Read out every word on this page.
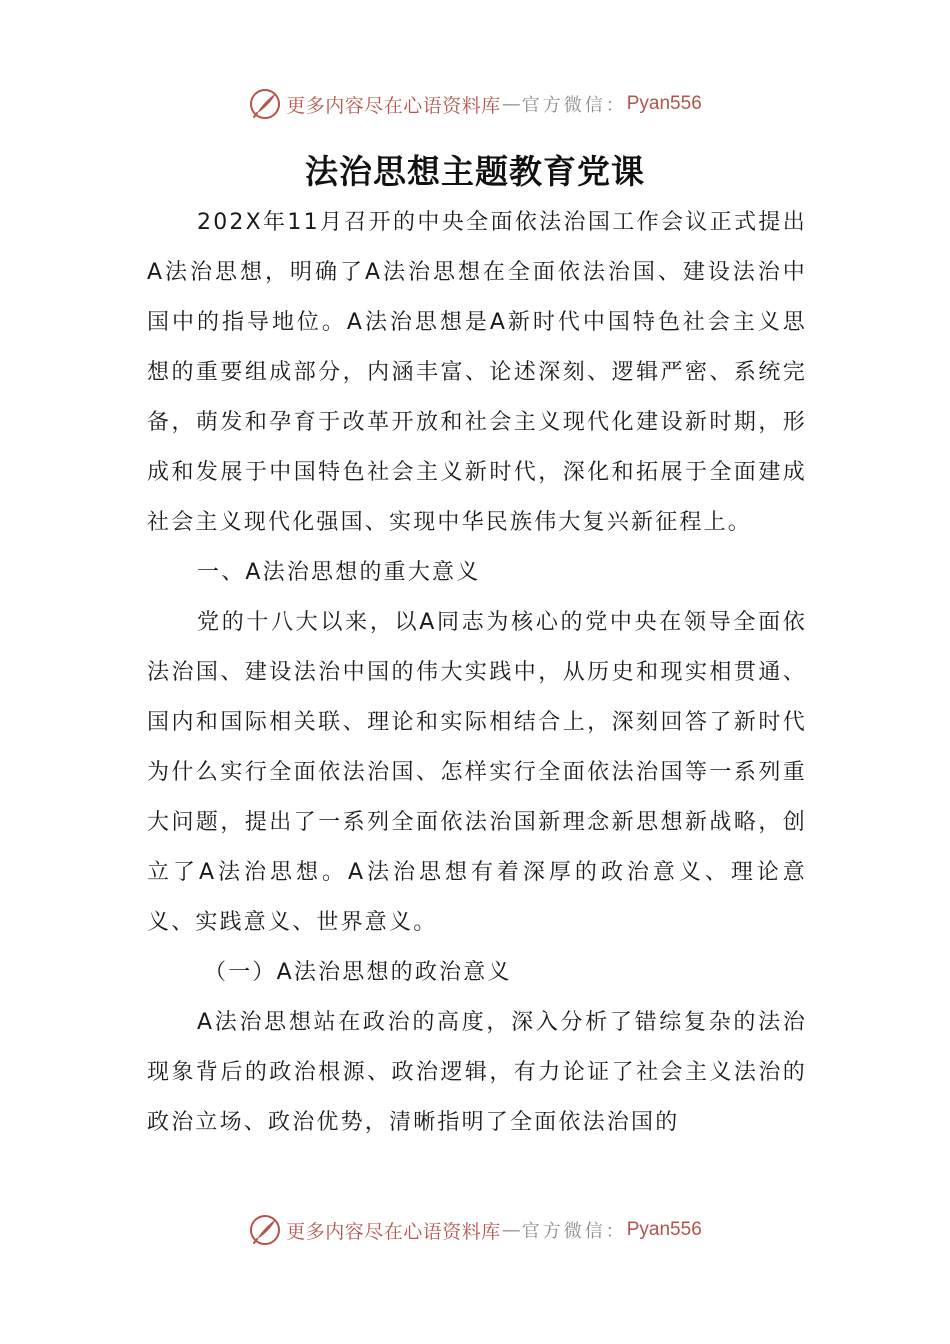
更多内容尽在心语资料库 — 官方微信： Pyan556
法治思想主题教育党课

202X年11月召开的中央全面依法治国工作会议正式提出A法治思想，明确了A法治思想在全面依法治国、建设法治中国中的指导地位。A法治思想是A新时代中国特色社会主义思想的重要组成部分，内涵丰富、论述深刻、逻辑严密、系统完备，萌发和孕育于改革开放和社会主义现代化建设新时期，形成和发展于中国特色社会主义新时代，深化和拓展于全面建成社会主义现代化强国、实现中华民族伟大复兴新征程上。

一、A法治思想的重大意义

党的十八大以来，以A同志为核心的党中央在领导全面依法治国、建设法治中国的伟大实践中，从历史和现实相贯通、国内和国际相关联、理论和实际相结合上，深刻回答了新时代为什么实行全面依法治国、怎样实行全面依法治国等一系列重大问题，提出了一系列全面依法治国新理念新思想新战略，创立了A法治思想。A法治思想有着深厚的政治意义、理论意义、实践意义、世界意义。

（一）A法治思想的政治意义

A法治思想站在政治的高度，深入分析了错综复杂的法治现象背后的政治根源、政治逻辑，有力论证了社会主义法治的政治立场、政治优势，清晰指明了全面依法治国的

更多内容尽在心语资料库 — 官方微信： Pyan556
